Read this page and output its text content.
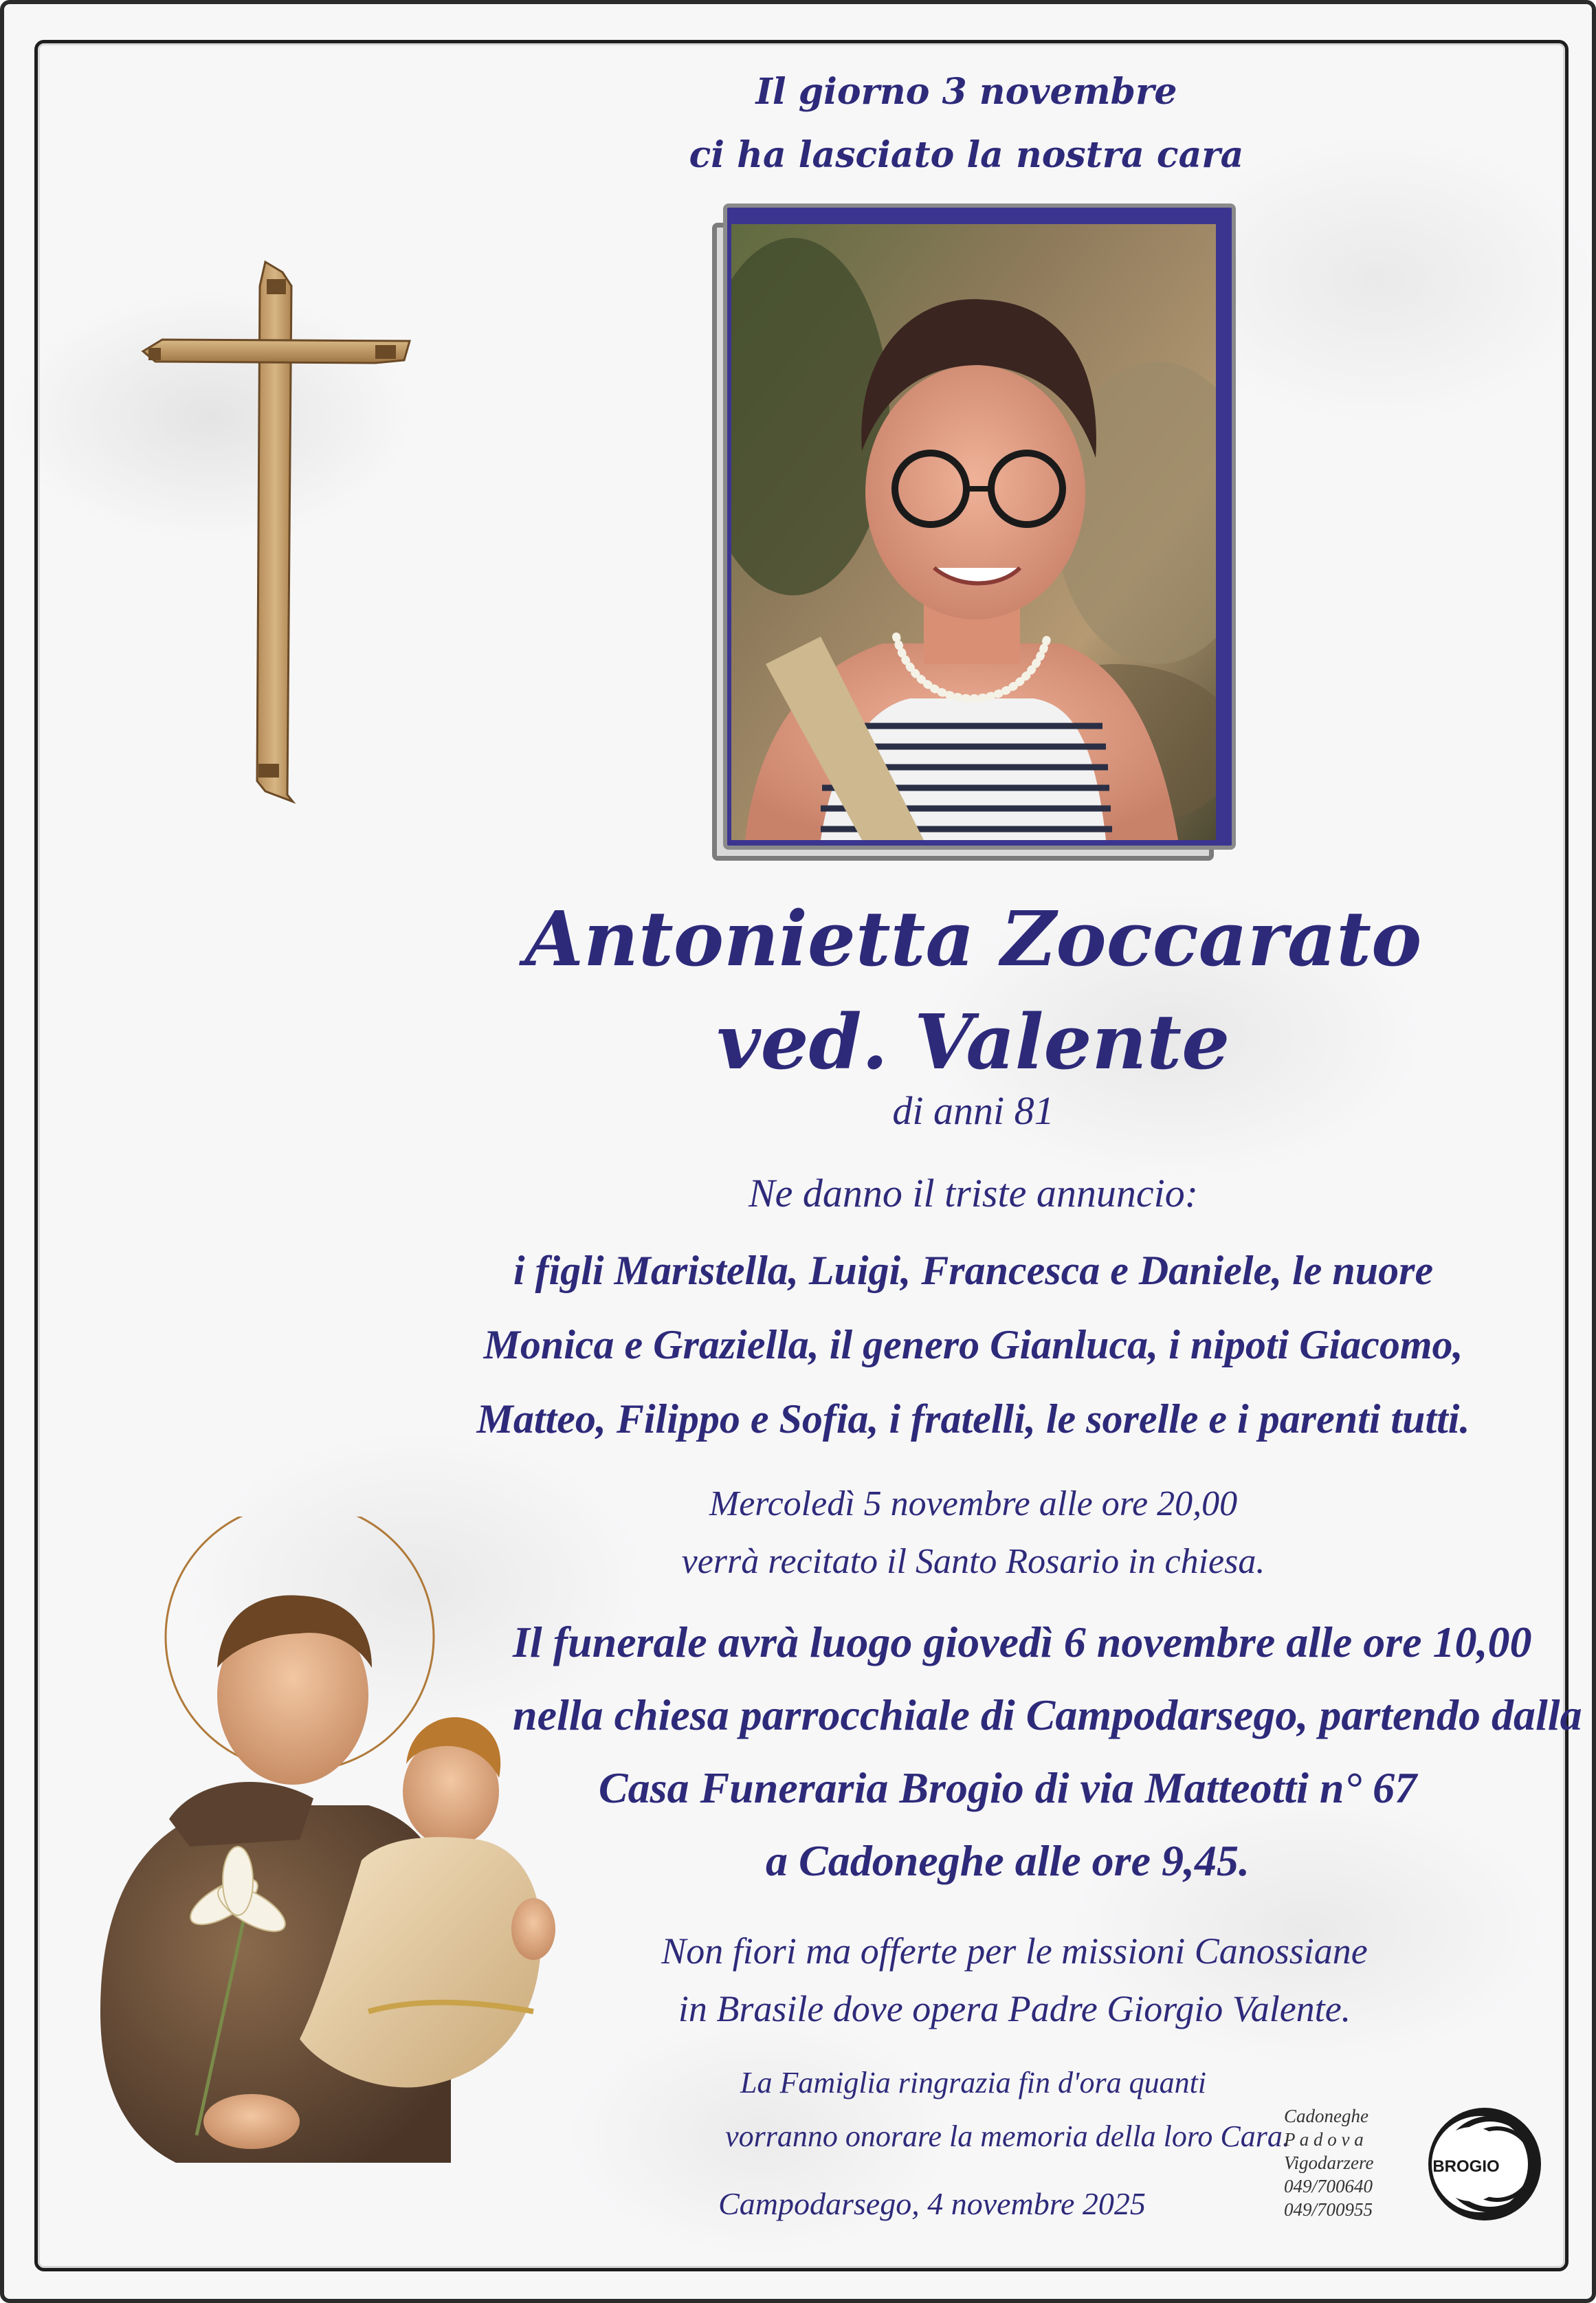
Il giorno 3 novembre
ci ha lasciato la nostra cara
Antonietta Zoccarato
ved. Valente
di anni 81
Ne danno il triste annuncio:
i figli Maristella, Luigi, Francesca e Daniele, le nuore
Monica e Graziella, il genero Gianluca, i nipoti Giacomo,
Matteo, Filippo e Sofia, i fratelli, le sorelle e i parenti tutti.
Mercoledì 5 novembre alle ore 20,00
verrà recitato il Santo Rosario in chiesa.
Il funerale avrà luogo giovedì 6 novembre alle ore 10,00
nella chiesa parrocchiale di Campodarsego, partendo dalla
Casa Funeraria Brogio di via Matteotti n° 67
a Cadoneghe alle ore 9,45.
Non fiori ma offerte per le missioni Canossiane
in Brasile dove opera Padre Giorgio Valente.
La Famiglia ringrazia fin d'ora quanti
vorranno onorare la memoria della loro Cara.
Campodarsego, 4 novembre 2025
Cadoneghe
P a d o v a
Vigodarzere
049/700640
049/700955
BROGIO
